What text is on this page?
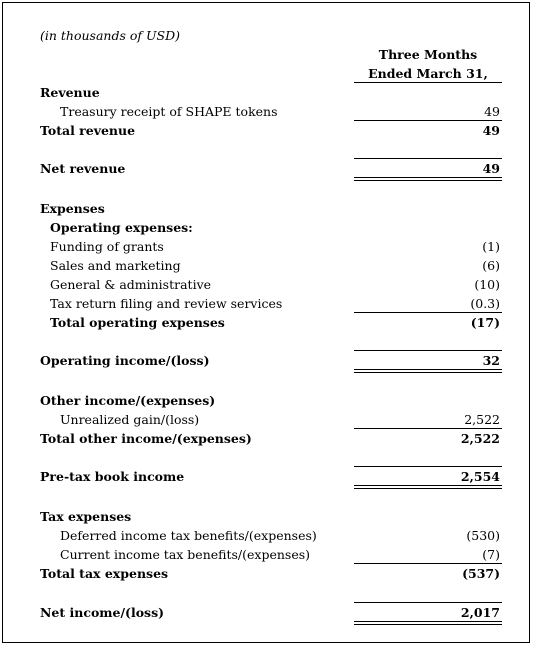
(in thousands of USD)
Three Months
Ended March 31,
Revenue
Treasury receipt of SHAPE tokens	49
Total revenue	49
Net revenue	49
Expenses
Operating expenses:
Funding of grants	(1)
Sales and marketing	(6)
General & administrative	(10)
Tax return filing and review services	(0.3)
Total operating expenses	(17)
Operating income/(loss)	32
Other income/(expenses)
Unrealized gain/(loss)	2,522
Total other income/(expenses)	2,522
Pre-tax book income	2,554
Tax expenses
Deferred income tax benefits/(expenses)	(530)
Current income tax benefits/(expenses)	(7)
Total tax expenses	(537)
Net income/(loss)	2,017
